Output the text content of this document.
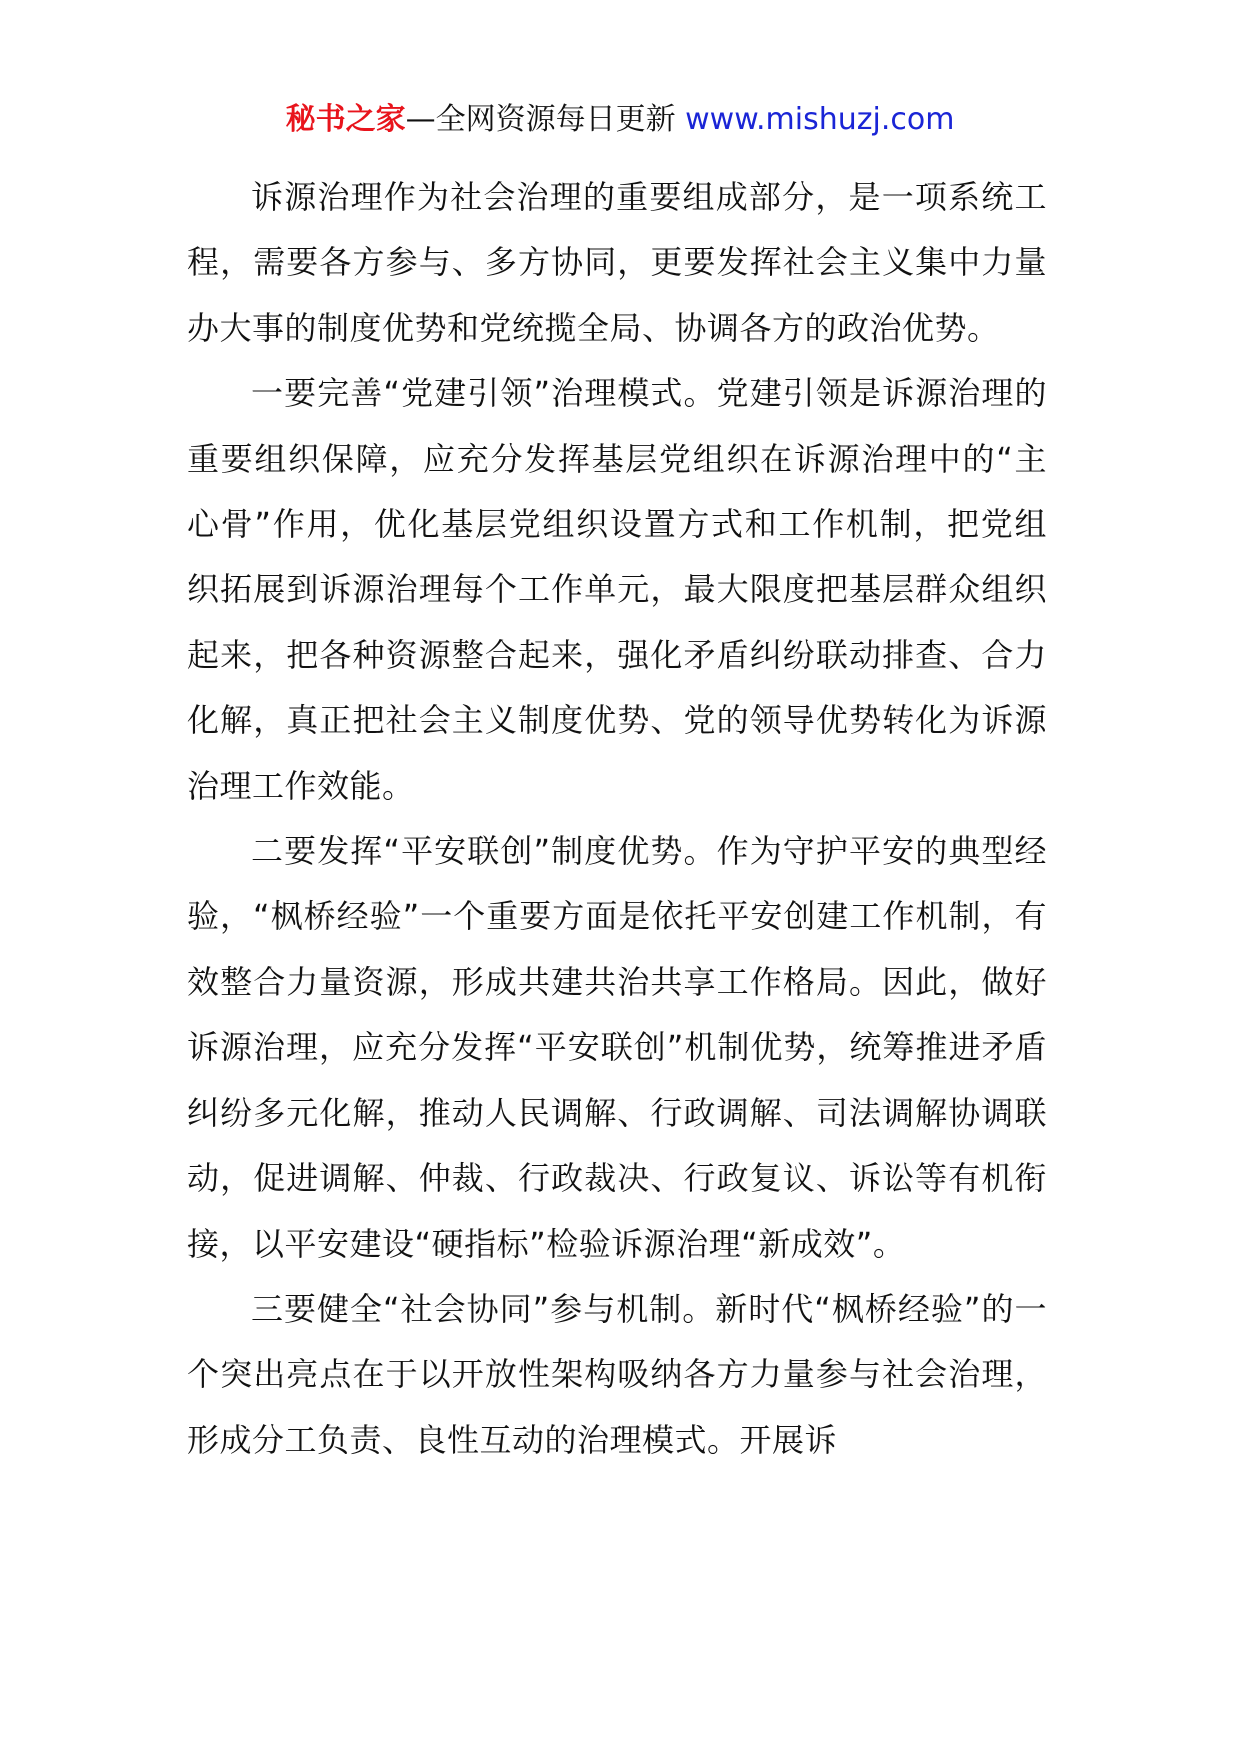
秘书之家—全网资源每日更新 www.mishuzj.com

诉源治理作为社会治理的重要组成部分，是一项系统工程，需要各方参与、多方协同，更要发挥社会主义集中力量办大事的制度优势和党统揽全局、协调各方的政治优势。

一要完善“党建引领”治理模式。党建引领是诉源治理的重要组织保障，应充分发挥基层党组织在诉源治理中的“主心骨”作用，优化基层党组织设置方式和工作机制，把党组织拓展到诉源治理每个工作单元，最大限度把基层群众组织起来，把各种资源整合起来，强化矛盾纠纷联动排查、合力化解，真正把社会主义制度优势、党的领导优势转化为诉源治理工作效能。

二要发挥“平安联创”制度优势。作为守护平安的典型经验，“枫桥经验”一个重要方面是依托平安创建工作机制，有效整合力量资源，形成共建共治共享工作格局。因此，做好诉源治理，应充分发挥“平安联创”机制优势，统筹推进矛盾纠纷多元化解，推动人民调解、行政调解、司法调解协调联动，促进调解、仲裁、行政裁决、行政复议、诉讼等有机衔接，以平安建设“硬指标”检验诉源治理“新成效”。

三要健全“社会协同”参与机制。新时代“枫桥经验”的一个突出亮点在于以开放性架构吸纳各方力量参与社会治理，形成分工负责、良性互动的治理模式。开展诉
